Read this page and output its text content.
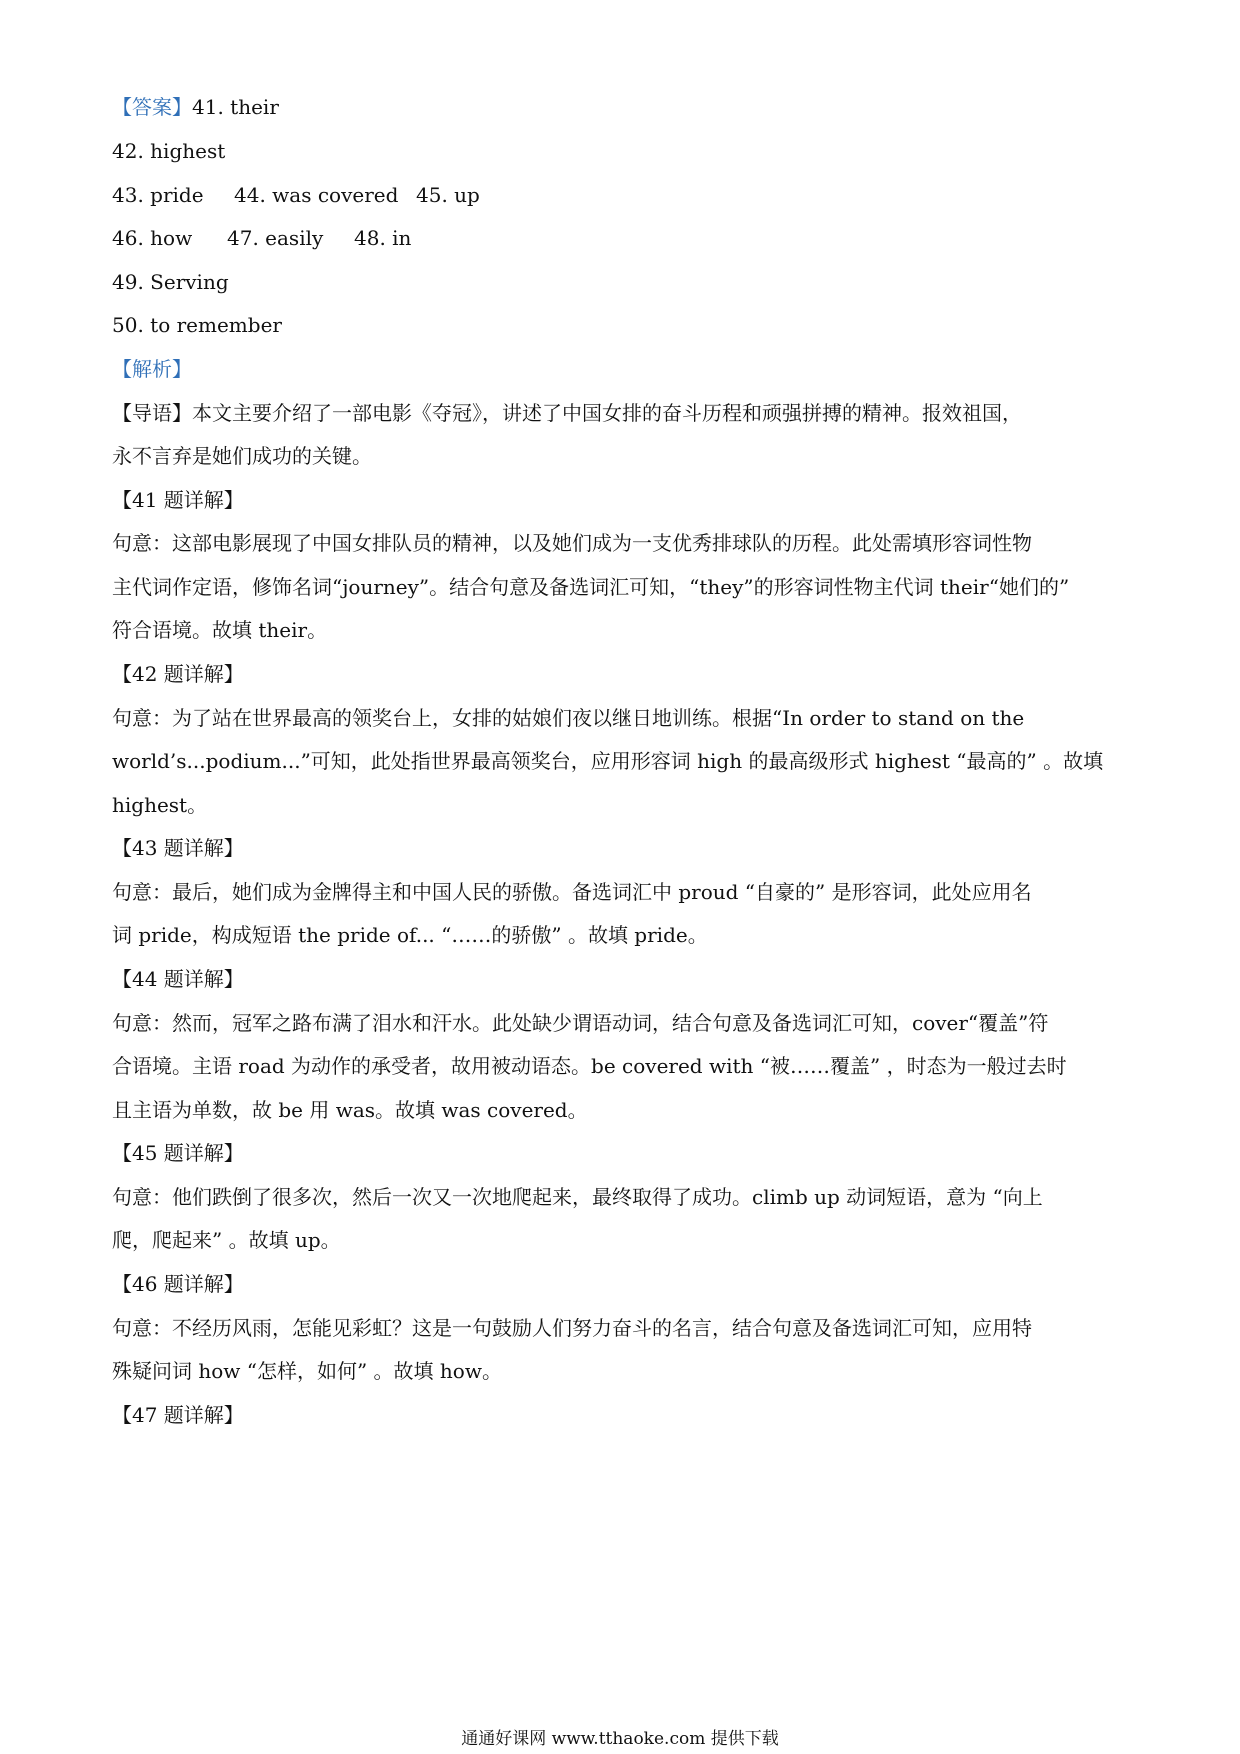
【答案】41. their
42. highest
43. pride 44. was covered 45. up
46. how 47. easily 48. in
49. Serving
50. to remember
【解析】
【导语】本文主要介绍了一部电影《夺冠》，讲述了中国女排的奋斗历程和顽强拼搏的精神。报效祖国，
永不言弃是她们成功的关键。
【41 题详解】
句意：这部电影展现了中国女排队员的精神，以及她们成为一支优秀排球队的历程。此处需填形容词性物
主代词作定语，修饰名词“journey”。结合句意及备选词汇可知，“they”的形容词性物主代词 their“她们的”
符合语境。故填 their。
【42 题详解】
句意：为了站在世界最高的领奖台上，女排的姑娘们夜以继日地训练。根据“In order to stand on the
world’s...podium...”可知，此处指世界最高领奖台，应用形容词 high 的最高级形式 highest “最高的” 。故填
highest。
【43 题详解】
句意：最后，她们成为金牌得主和中国人民的骄傲。备选词汇中 proud “自豪的” 是形容词，此处应用名
词 pride，构成短语 the pride of... “……的骄傲” 。故填 pride。
【44 题详解】
句意：然而，冠军之路布满了泪水和汗水。此处缺少谓语动词，结合句意及备选词汇可知，cover“覆盖”符
合语境。主语 road 为动作的承受者，故用被动语态。be covered with “被……覆盖” ，时态为一般过去时
且主语为单数，故 be 用 was。故填 was covered。
【45 题详解】
句意：他们跌倒了很多次，然后一次又一次地爬起来，最终取得了成功。climb up 动词短语，意为 “向上
爬，爬起来” 。故填 up。
【46 题详解】
句意：不经历风雨，怎能见彩虹？这是一句鼓励人们努力奋斗的名言，结合句意及备选词汇可知，应用特
殊疑问词 how “怎样，如何” 。故填 how。
【47 题详解】
通通好课网 www.tthaoke.com 提供下载
